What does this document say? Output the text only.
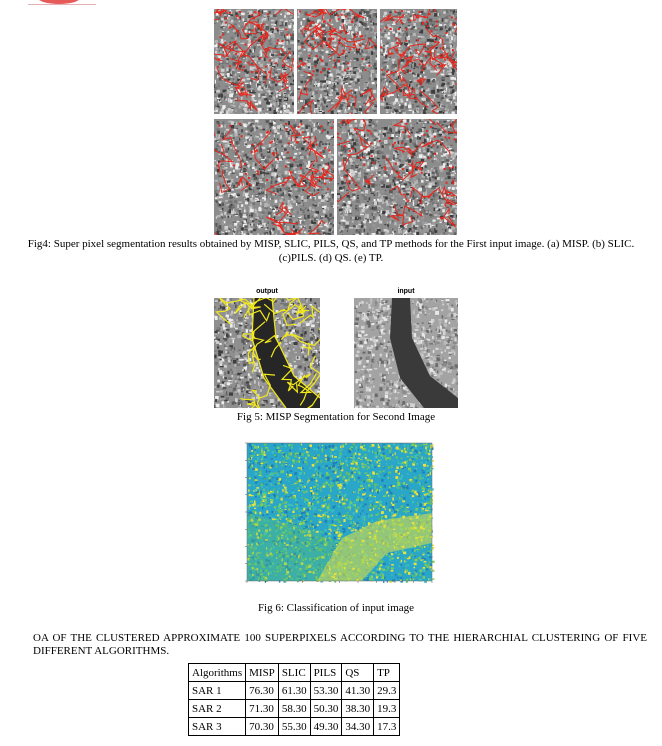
Fig4: Super pixel segmentation results obtained by MISP, SLIC, PILS, QS, and TP methods for the First input image. (a) MISP. (b) SLIC. (c)PILS. (d) QS. (e) TP.
output	input
Fig 5: MISP Segmentation for Second Image
Fig 6: Classification of input image
OA OF THE CLUSTERED APPROXIMATE 100 SUPERPIXELS ACCORDING TO THE HIERARCHIAL CLUSTERING OF FIVE DIFFERENT ALGORITHMS.
Algorithms	MISP	SLIC	PILS	QS	TP
SAR 1	76.30	61.30	53.30	41.30	29.3
SAR 2	71.30	58.30	50.30	38.30	19.3
SAR 3	70.30	55.30	49.30	34.30	17.3
